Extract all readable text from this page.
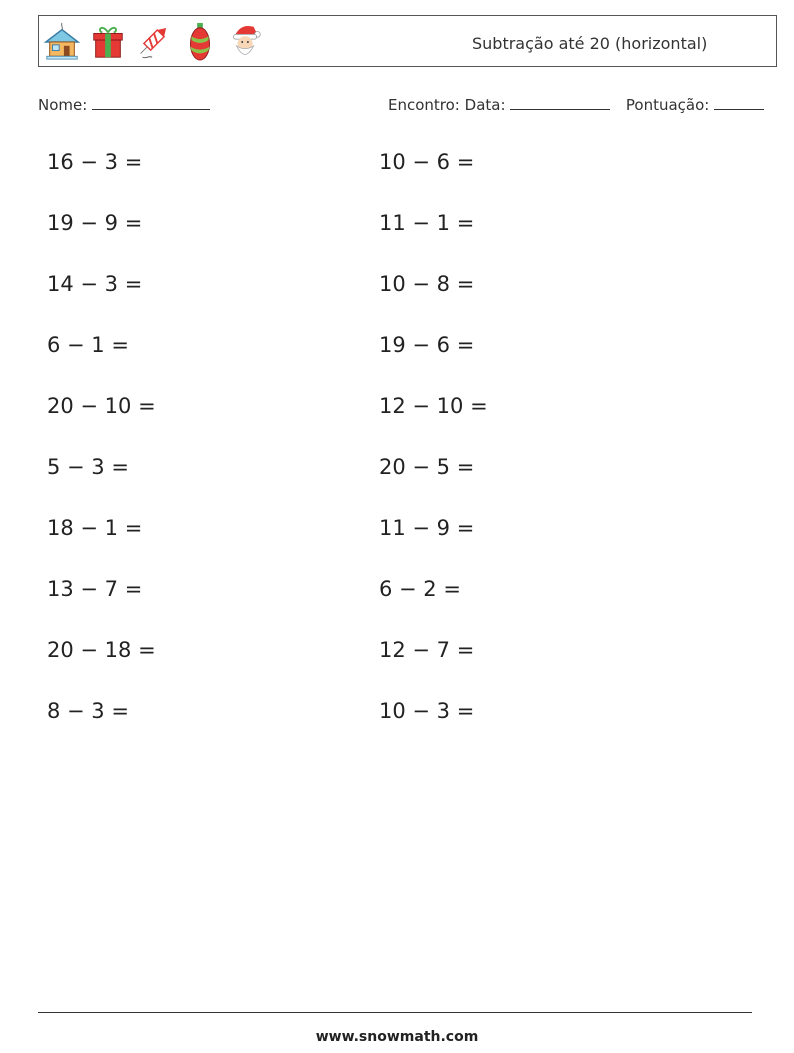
Subtração até 20 (horizontal)
Nome:	Encontro: Data:	Pontuação:
16 − 3 =
19 − 9 =
14 − 3 =
6 − 1 =
20 − 10 =
5 − 3 =
18 − 1 =
13 − 7 =
20 − 18 =
8 − 3 =
10 − 6 =
11 − 1 =
10 − 8 =
19 − 6 =
12 − 10 =
20 − 5 =
11 − 9 =
6 − 2 =
12 − 7 =
10 − 3 =
www.snowmath.com
